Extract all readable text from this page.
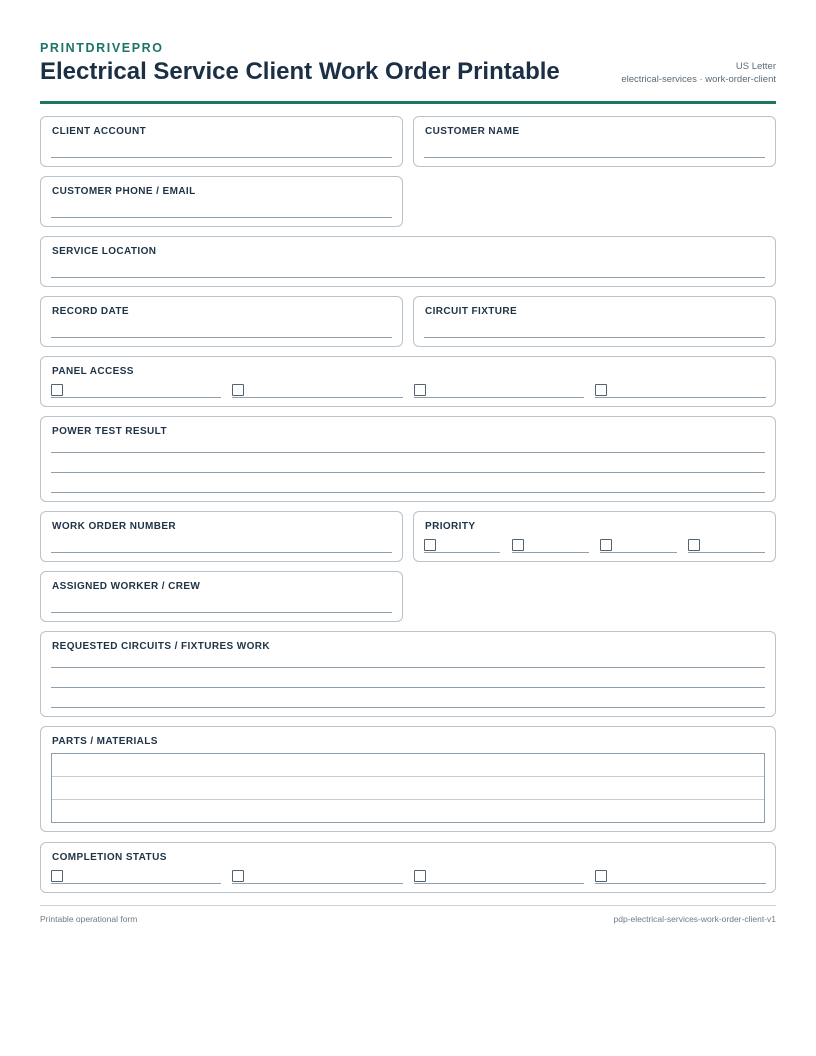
PRINTDRIVEPRO
Electrical Service Client Work Order Printable	US Letter
electrical-services · work-order-client
CLIENT ACCOUNT	CUSTOMER NAME
CUSTOMER PHONE / EMAIL
SERVICE LOCATION
RECORD DATE	CIRCUIT FIXTURE
PANEL ACCESS
POWER TEST RESULT
WORK ORDER NUMBER	PRIORITY
ASSIGNED WORKER / CREW
REQUESTED CIRCUITS / FIXTURES WORK
PARTS / MATERIALS
COMPLETION STATUS
Printable operational form	pdp-electrical-services-work-order-client-v1
